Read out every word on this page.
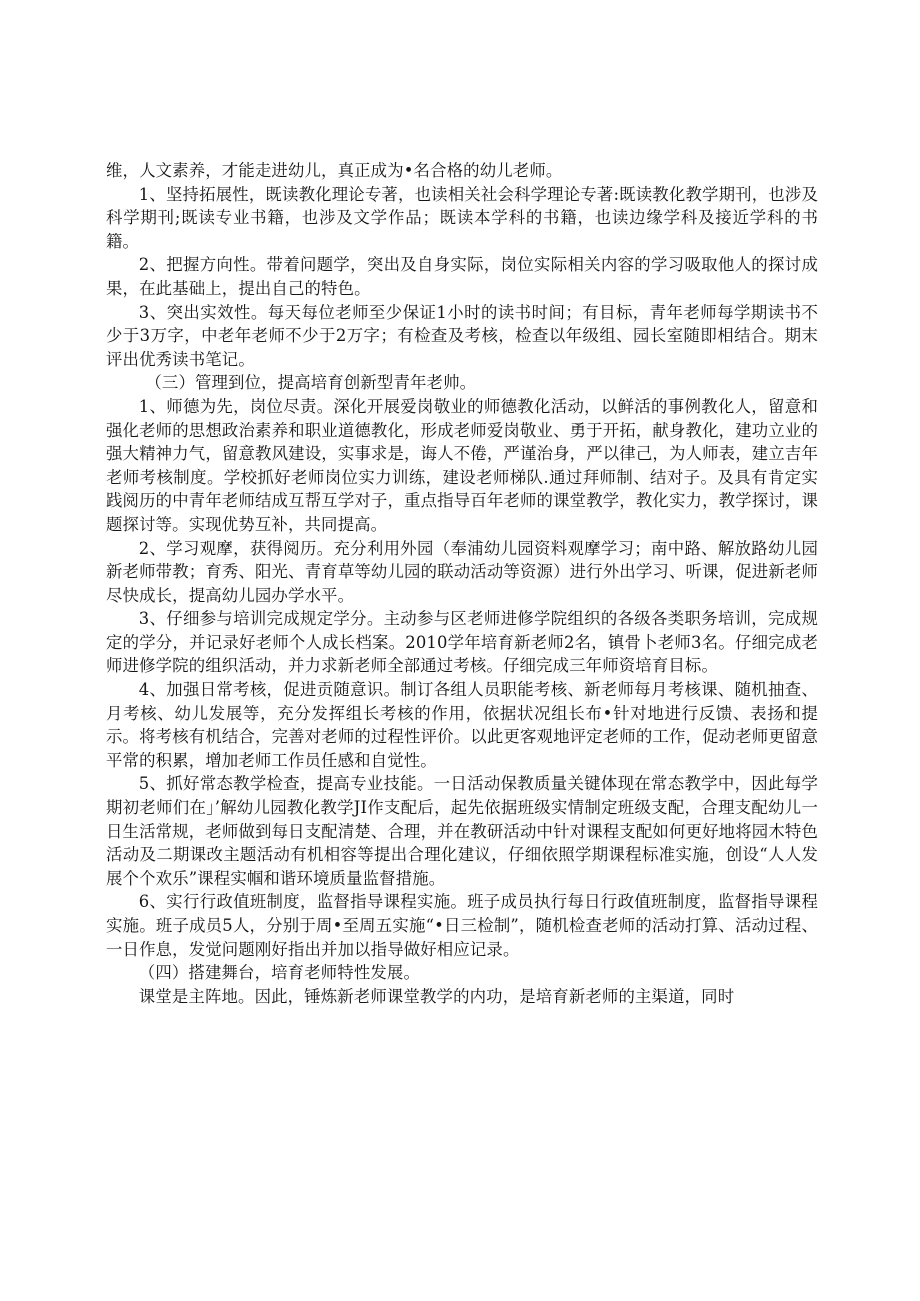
维，人文素养，才能走进幼儿，真正成为•名合格的幼儿老师。

1、坚持拓展性，既读教化理论专著，也读相关社会科学理论专著:既读教化教学期刊，也涉及科学期刊;既读专业书籍，也涉及文学作品；既读本学科的书籍，也读边缘学科及接近学科的书籍。

2、把握方向性。带着问题学，突出及自身实际，岗位实际相关内容的学习吸取他人的探讨成果，在此基础上，提出自己的特色。

3、突出实效性。每天每位老师至少保证1小时的读书时间；有目标，青年老师每学期读书不少于3万字，中老年老师不少于2万字；有检查及考核，检查以年级组、园长室随即相结合。期末评出优秀读书笔记。

（三）管理到位，提高培育创新型青年老帅。

1、师德为先，岗位尽责。深化开展爱岗敬业的师德教化活动，以鲜活的事例教化人，留意和强化老师的思想政治素养和职业道德教化，形成老师爱岗敬业、勇于开拓，献身教化，建功立业的强大精神力气，留意教风建设，实事求是，诲人不倦，严谨治身，严以律己，为人师表，建立吉年老师考核制度。学校抓好老师岗位实力训练，建设老师梯队.通过拜师制、结对子。及具有肯定实践阅历的中青年老师结成互帮互学对子，重点指导百年老师的课堂教学，教化实力，教学探讨，课题探讨等。实现优势互补，共同提高。

2、学习观摩，获得阅历。充分利用外园（奉浦幼儿园资料观摩学习；南中路、解放路幼儿园新老师带教；育秀、阳光、青育草等幼儿园的联动活动等资源）进行外出学习、听课，促进新老师尽快成长，提高幼儿园办学水平。

3、仔细参与培训完成规定学分。主动参与区老师进修学院组织的各级各类职务培训，完成规定的学分，并记录好老师个人成长档案。2010学年培育新老师2名，镇骨卜老师3名。仔细完成老师进修学院的组织活动，并力求新老师全部通过考核。仔细完成三年师资培育目标。

4、加强日常考核，促进贡随意识。制订各组人员职能考核、新老师每月考核课、随机抽查、月考核、幼儿发展等，充分发挥组长考核的作用，依据状况组长布•针对地进行反馈、表扬和提示。将考核有机结合，完善对老师的过程性评价。以此更客观地评定老师的工作，促动老师更留意平常的积累，增加老师工作员任感和自觉性。

5、抓好常态教学检查，提高专业技能。一日活动保教质量关键体现在常态教学中，因此每学期初老师们在」’解幼儿园教化教学JI作支配后，起先依据班级实情制定班级支配，合理支配幼儿一日生活常规，老师做到每日支配清楚、合理，并在教研活动中针对课程支配如何更好地将园木特色活动及二期课改主题活动有机相容等提出合理化建议，仔细依照学期课程标准实施，创设“人人发展个个欢乐”课程实帼和谐环境质量监督措施。

6、实行行政值班制度，监督指导课程实施。班子成员执行每日行政值班制度，监督指导课程实施。班子成员5人，分别于周•至周五实施“•日三检制”，随机检查老师的活动打算、活动过程、一日作息，发觉问题刚好指出并加以指导做好相应记录。

（四）搭建舞台，培育老师特性发展。

课堂是主阵地。因此，锤炼新老师课堂教学的内功，是培育新老师的主渠道，同时
